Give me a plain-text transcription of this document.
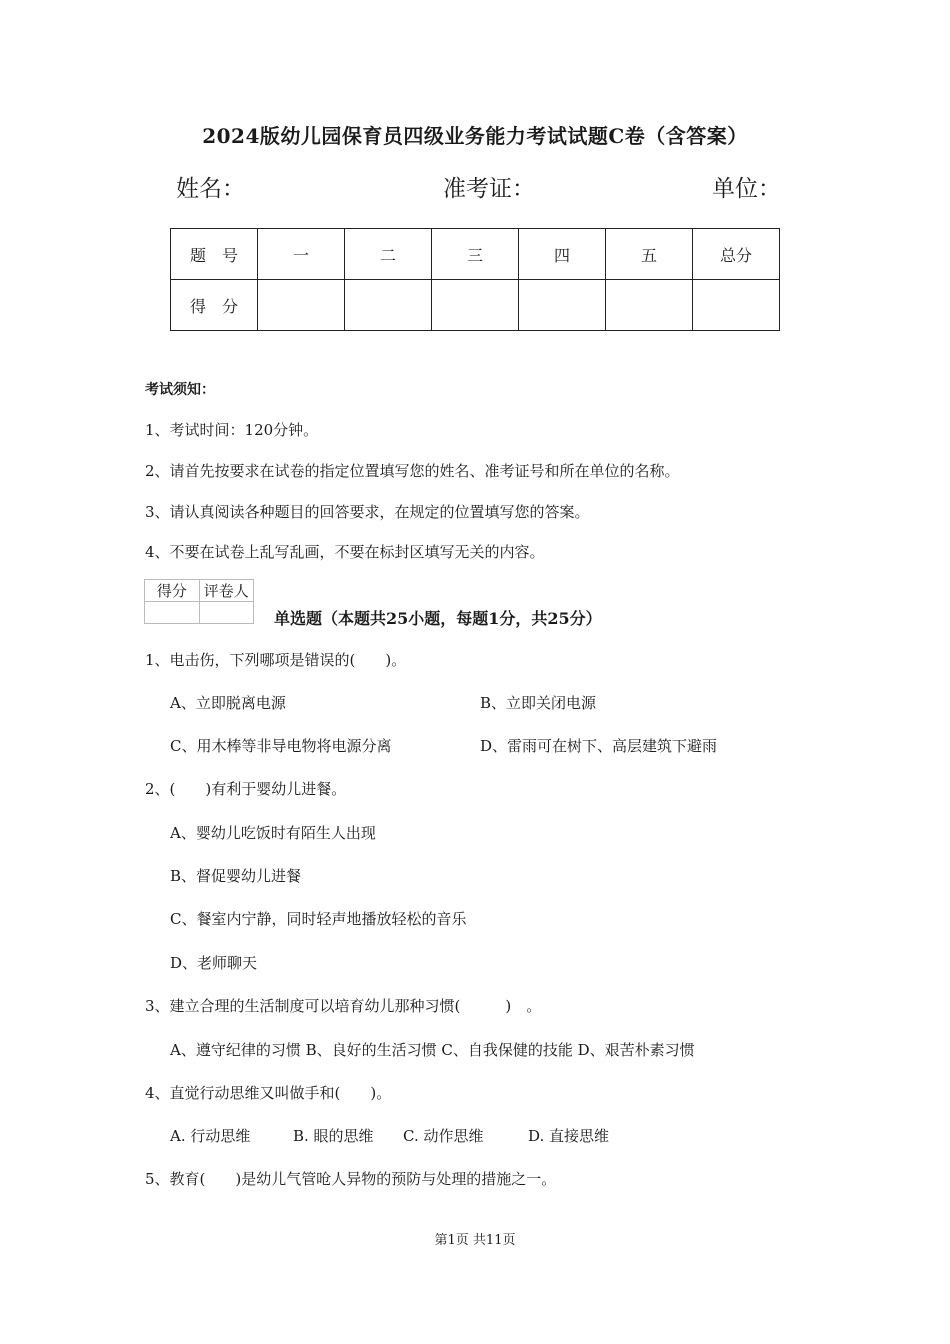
2024版幼儿园保育员四级业务能力考试试题C卷（含答案）
姓名：	准考证：	单位：
题　号	一	二	三	四	五	总分
得　分						
考试须知：
1、考试时间：120分钟。
2、请首先按要求在试卷的指定位置填写您的姓名、准考证号和所在单位的名称。
3、请认真阅读各种题目的回答要求，在规定的位置填写您的答案。
4、不要在试卷上乱写乱画，不要在标封区填写无关的内容。
得分	评卷人

单选题（本题共25小题，每题1分，共25分）
1、电击伤，下列哪项是错误的(　　)。
A、立即脱离电源	B、立即关闭电源
C、用木棒等非导电物将电源分离	D、雷雨可在树下、高层建筑下避雨
2、(　　)有利于婴幼儿进餐。
A、婴幼儿吃饭时有陌生人出现
B、督促婴幼儿进餐
C、餐室内宁静，同时轻声地播放轻松的音乐
D、老师聊天
3、建立合理的生活制度可以培育幼儿那种习惯(　　　)　。
A、遵守纪律的习惯 B、良好的生活习惯 C、自我保健的技能 D、艰苦朴素习惯
4、直觉行动思维又叫做手和(　　)。
A. 行动思维	B. 眼的思维 C. 动作思维	D. 直接思维
5、教育(　　)是幼儿气管呛人异物的预防与处理的措施之一。
第1页 共11页
